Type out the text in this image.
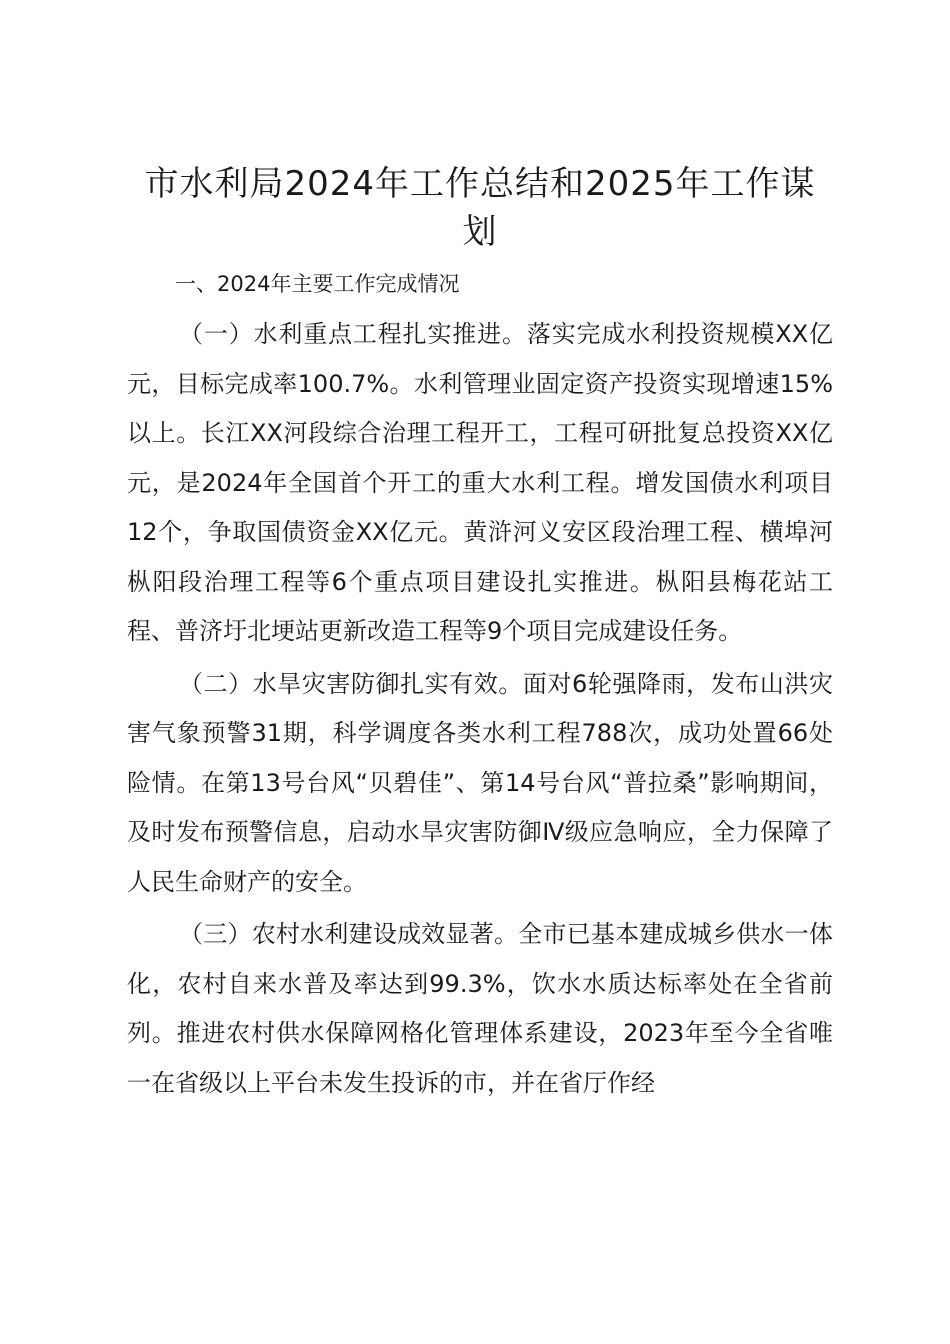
市水利局2024年工作总结和2025年工作谋划

一、2024年主要工作完成情况

（一）水利重点工程扎实推进。落实完成水利投资规模XX亿元，目标完成率100.7%。水利管理业固定资产投资实现增速15%以上。长江XX河段综合治理工程开工，工程可研批复总投资XX亿元，是2024年全国首个开工的重大水利工程。增发国债水利项目12个，争取国债资金XX亿元。黄浒河义安区段治理工程、横埠河枞阳段治理工程等6个重点项目建设扎实推进。枞阳县梅花站工程、普济圩北埂站更新改造工程等9个项目完成建设任务。

（二）水旱灾害防御扎实有效。面对6轮强降雨，发布山洪灾害气象预警31期，科学调度各类水利工程788次，成功处置66处险情。在第13号台风“贝碧佳”、第14号台风“普拉桑”影响期间，及时发布预警信息，启动水旱灾害防御Ⅳ级应急响应，全力保障了人民生命财产的安全。

（三）农村水利建设成效显著。全市已基本建成城乡供水一体化，农村自来水普及率达到99.3%，饮水水质达标率处在全省前列。推进农村供水保障网格化管理体系建设，2023年至今全省唯一在省级以上平台未发生投诉的市，并在省厅作经
